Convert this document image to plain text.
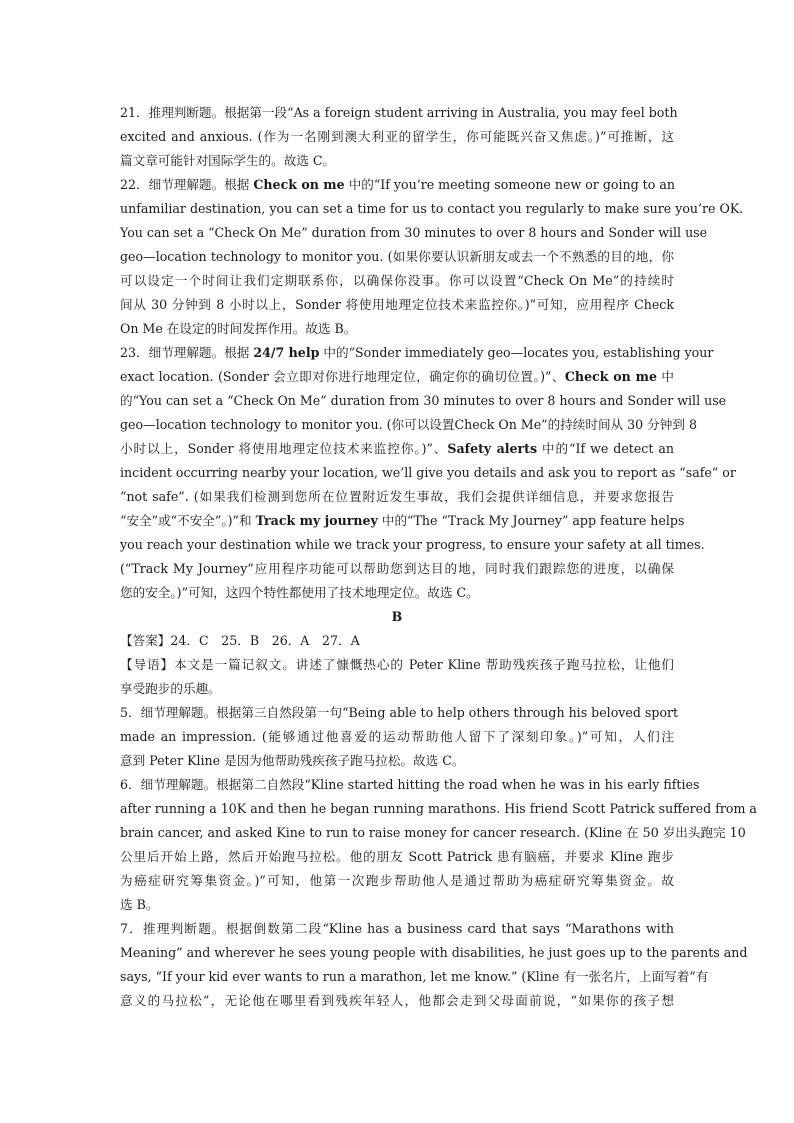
21．推理判断题。根据第一段“As a foreign student arriving in Australia, you may feel both
excited and anxious. (作为一名刚到澳大利亚的留学生，你可能既兴奋又焦虑。)”可推断，这
篇文章可能针对国际学生的。故选 C。
22．细节理解题。根据 Check on me 中的“If you’re meeting someone new or going to an
unfamiliar destination, you can set a time for us to contact you regularly to make sure you’re OK.
You can set a “Check On Me” duration from 30 minutes to over 8 hours and Sonder will use
geo—location technology to monitor you. (如果你要认识新朋友或去一个不熟悉的目的地，你
可以设定一个时间让我们定期联系你，以确保你没事。你可以设置“Check On Me”的持续时
间从 30 分钟到 8 小时以上，Sonder 将使用地理定位技术来监控你。)”可知，应用程序 Check
On Me 在设定的时间发挥作用。故选 B。
23．细节理解题。根据 24/7 help 中的“Sonder immediately geo—locates you, establishing your
exact location. (Sonder 会立即对你进行地理定位，确定你的确切位置。)”、Check on me 中
的“You can set a “Check On Me” duration from 30 minutes to over 8 hours and Sonder will use
geo—location technology to monitor you. (你可以设置Check On Me”的持续时间从 30 分钟到 8
小时以上，Sonder 将使用地理定位技术来监控你。)”、Safety alerts 中的“If we detect an
incident occurring nearby your location, we’ll give you details and ask you to report as “safe” or
“not safe”. (如果我们检测到您所在位置附近发生事故，我们会提供详细信息，并要求您报告
“安全”或“不安全”。)”和 Track my journey 中的“The “Track My Journey” app feature helps
you reach your destination while we track your progress, to ensure your safety at all times.
(“Track My Journey”应用程序功能可以帮助您到达目的地，同时我们跟踪您的进度，以确保
您的安全。)”可知，这四个特性都使用了技术地理定位。故选 C。
B
【答案】24．C　25．B　26．A　27．A
【导语】本文是一篇记叙文。讲述了慷慨热心的 Peter Kline 帮助残疾孩子跑马拉松，让他们
享受跑步的乐趣。
5．细节理解题。根据第三自然段第一句“Being able to help others through his beloved sport
made an impression. (能够通过他喜爱的运动帮助他人留下了深刻印象。)”可知，人们注
意到 Peter Kline 是因为他帮助残疾孩子跑马拉松。故选 C。
6．细节理解题。根据第二自然段“Kline started hitting the road when he was in his early fifties
after running a 10K and then he began running marathons. His friend Scott Patrick suffered from a
brain cancer, and asked Kine to run to raise money for cancer research. (Kline 在 50 岁出头跑完 10
公里后开始上路，然后开始跑马拉松。他的朋友 Scott Patrick 患有脑癌，并要求 Kline 跑步
为癌症研究筹集资金。)”可知，他第一次跑步帮助他人是通过帮助为癌症研究筹集资金。故
选 B。
7．推理判断题。根据倒数第二段“Kline has a business card that says “Marathons with
Meaning” and wherever he sees young people with disabilities, he just goes up to the parents and
says, “If your kid ever wants to run a marathon, let me know.” (Kline 有一张名片，上面写着“有
意义的马拉松”，无论他在哪里看到残疾年轻人，他都会走到父母面前说，“如果你的孩子想
